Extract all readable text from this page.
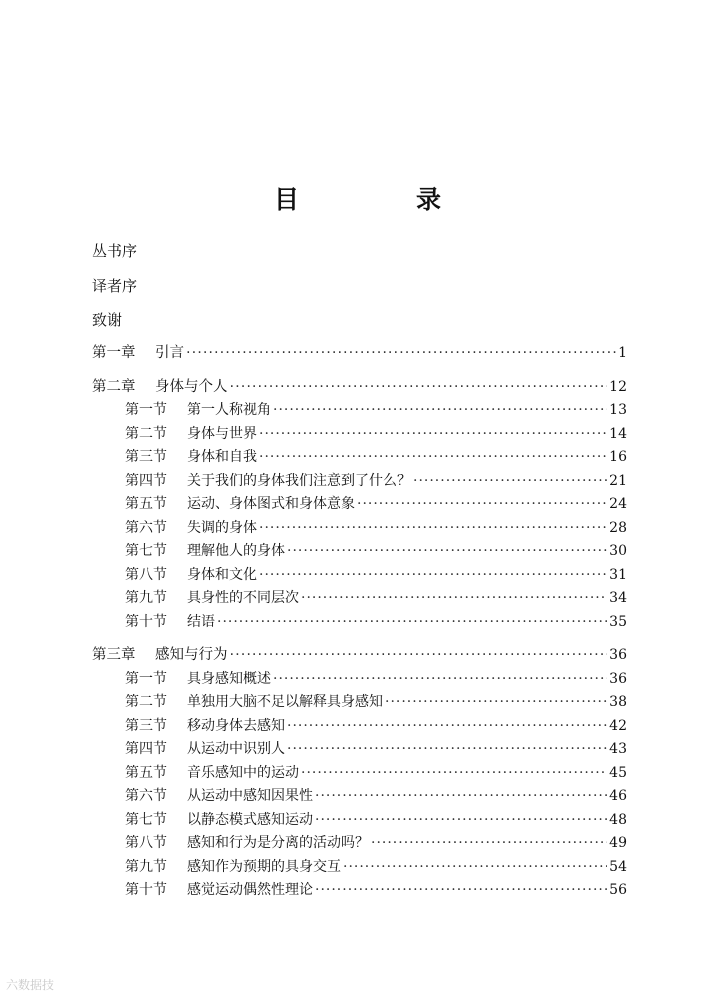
目　录
丛书序
译者序
致谢
第一章	引言 ·····	1
第二章	身体与个人 ·····	12
第一节	第一人称视角 ·····	13
第二节	身体与世界 ·····	14
第三节	身体和自我 ·····	16
第四节	关于我们的身体我们注意到了什么？ ·····	21
第五节	运动、身体图式和身体意象 ·····	24
第六节	失调的身体 ·····	28
第七节	理解他人的身体 ·····	30
第八节	身体和文化 ·····	31
第九节	具身性的不同层次 ·····	34
第十节	结语 ·····	35
第三章	感知与行为 ·····	36
第一节	具身感知概述 ·····	36
第二节	单独用大脑不足以解释具身感知 ·····	38
第三节	移动身体去感知 ·····	42
第四节	从运动中识别人 ·····	43
第五节	音乐感知中的运动 ·····	45
第六节	从运动中感知因果性 ·····	46
第七节	以静态模式感知运动 ·····	48
第八节	感知和行为是分离的活动吗？ ·····	49
第九节	感知作为预期的具身交互 ·····	54
第十节	感觉运动偶然性理论 ·····	56
六数据技
